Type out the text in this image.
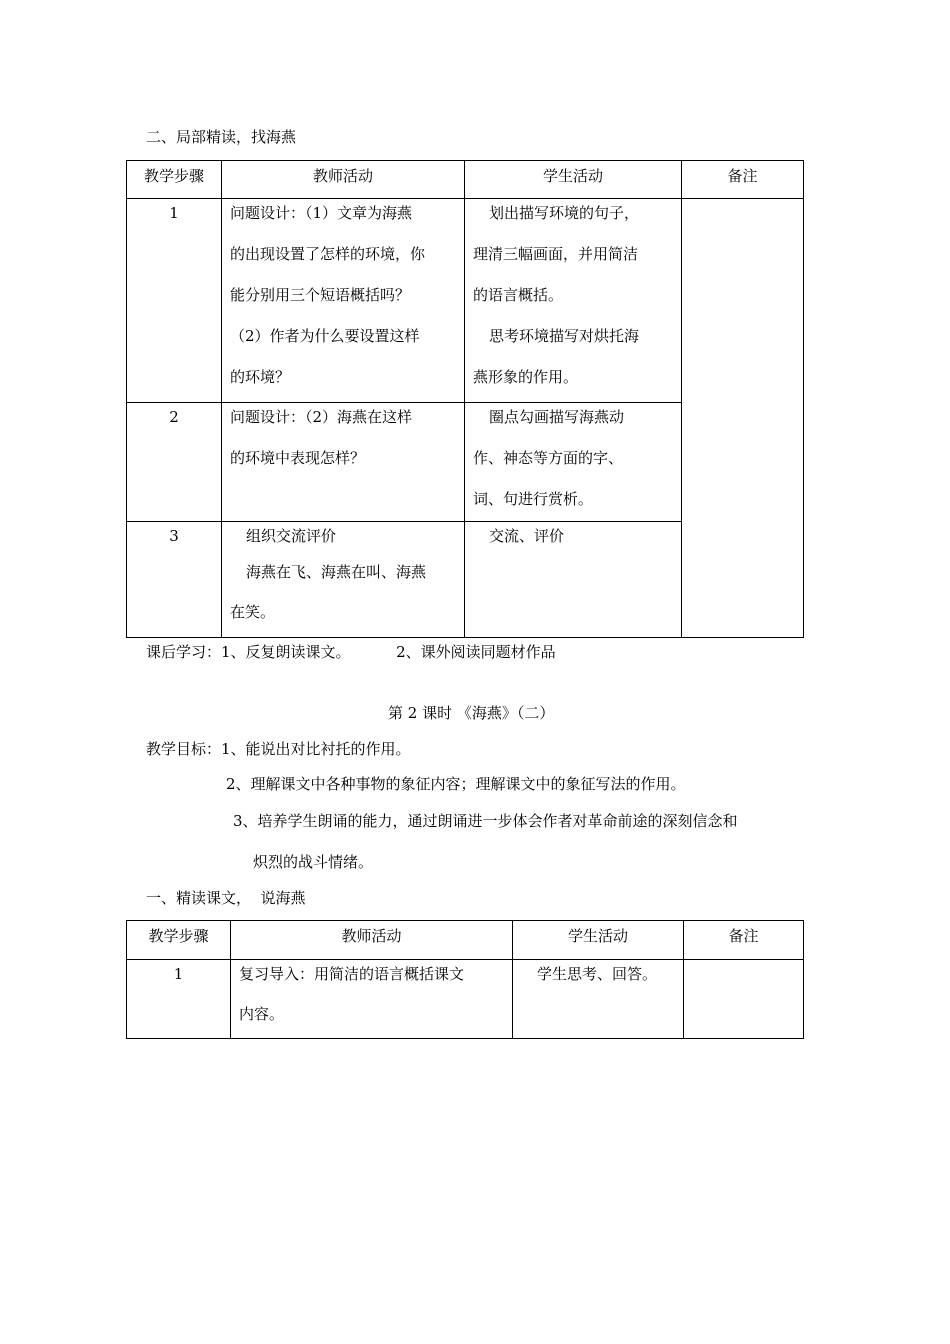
二、局部精读，找海燕
教学步骤	教师活动	学生活动	备注
1	问题设计：（1）文章为海燕
的出现设置了怎样的环境，你
能分别用三个短语概括吗？
（2）作者为什么要设置这样
的环境？	划出描写环境的句子，
理清三幅画面，并用简洁
的语言概括。
思考环境描写对烘托海
燕形象的作用。	

2	问题设计：（2）海燕在这样
的环境中表现怎样？	圈点勾画描写海燕动
作、神态等方面的字、
词、句进行赏析。	

3	组织交流评价
海燕在飞、海燕在叫、海燕
在笑。	交流、评价	
课后学习：1、反复朗读课文。	2、课外阅读同题材作品
第 2 课时 《海燕》（二）
教学目标：1、能说出对比衬托的作用。
2、理解课文中各种事物的象征内容；理解课文中的象征写法的作用。
3、培养学生朗诵的能力，通过朗诵进一步体会作者对革命前途的深刻信念和
炽烈的战斗情绪。
一、精读课文，  说海燕
教学步骤	教师活动	学生活动	备注
1	复习导入：用简洁的语言概括课文
内容。	学生思考、回答。	
